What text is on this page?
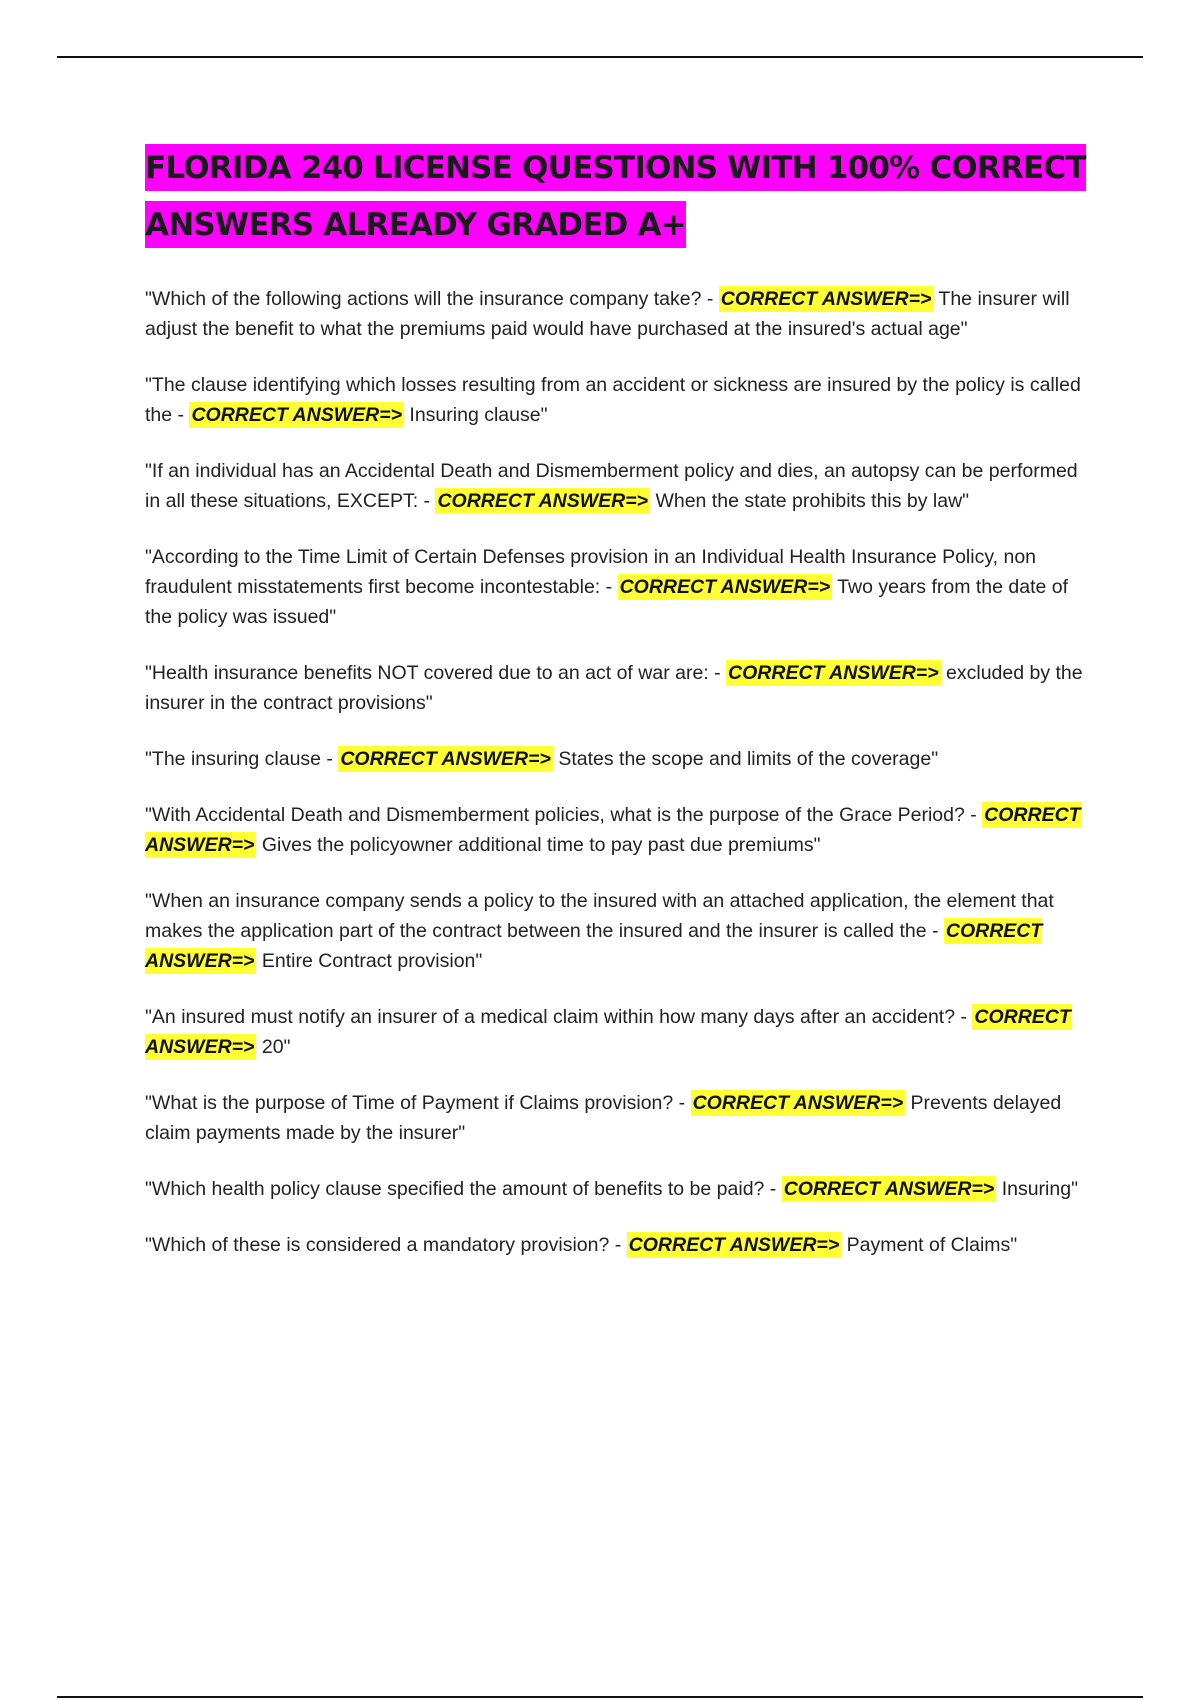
FLORIDA 240 LICENSE QUESTIONS WITH 100% CORRECT ANSWERS ALREADY GRADED A+

"Which of the following actions will the insurance company take? - CORRECT ANSWER=> The insurer will adjust the benefit to what the premiums paid would have purchased at the insured's actual age"

"The clause identifying which losses resulting from an accident or sickness are insured by the policy is called the - CORRECT ANSWER=> Insuring clause"

"If an individual has an Accidental Death and Dismemberment policy and dies, an autopsy can be performed in all these situations, EXCEPT: - CORRECT ANSWER=> When the state prohibits this by law"

"According to the Time Limit of Certain Defenses provision in an Individual Health Insurance Policy, non fraudulent misstatements first become incontestable: - CORRECT ANSWER=> Two years from the date of the policy was issued"

"Health insurance benefits NOT covered due to an act of war are: - CORRECT ANSWER=> excluded by the insurer in the contract provisions"

"The insuring clause - CORRECT ANSWER=> States the scope and limits of the coverage"

"With Accidental Death and Dismemberment policies, what is the purpose of the Grace Period? - CORRECT ANSWER=> Gives the policyowner additional time to pay past due premiums"

"When an insurance company sends a policy to the insured with an attached application, the element that makes the application part of the contract between the insured and the insurer is called the - CORRECT ANSWER=> Entire Contract provision"

"An insured must notify an insurer of a medical claim within how many days after an accident? - CORRECT ANSWER=> 20"

"What is the purpose of Time of Payment if Claims provision? - CORRECT ANSWER=> Prevents delayed claim payments made by the insurer"

"Which health policy clause specified the amount of benefits to be paid? - CORRECT ANSWER=> Insuring"

"Which of these is considered a mandatory provision? - CORRECT ANSWER=> Payment of Claims"
